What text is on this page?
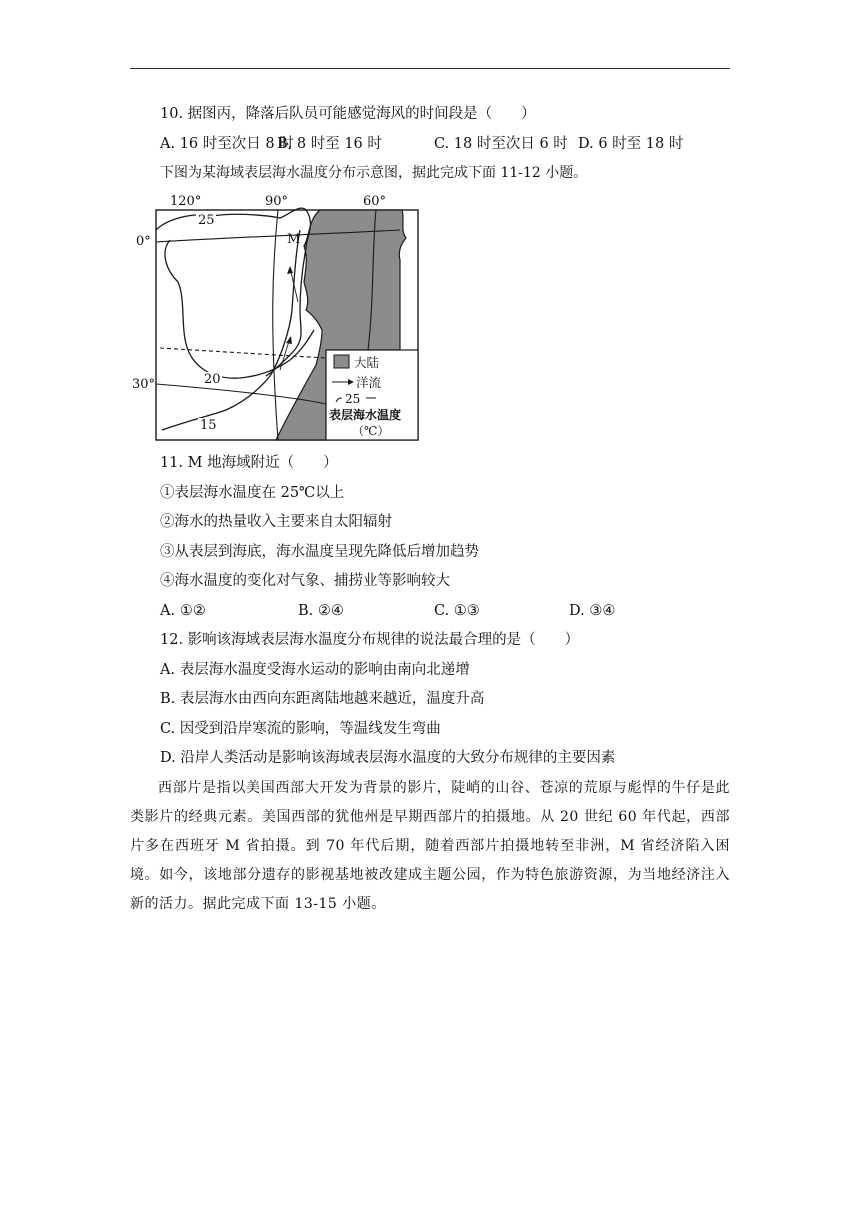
10. 据图丙，降落后队员可能感觉海风的时间段是（　　）
A. 16 时至次日 8 时
B. 8 时至 16 时	C. 18 时至次日 6 时 D. 6 时至 18 时
下图为某海域表层海水温度分布示意图，据此完成下面 11-12 小题。
M
120°	90°	60°
0°
30°
25
20
15
大陆
洋流
25
表层海水温度
（℃）
11. M 地海域附近（　　）
①表层海水温度在 25℃以上
②海水的热量收入主要来自太阳辐射
③从表层到海底，海水温度呈现先降低后增加趋势
④海水温度的变化对气象、捕捞业等影响较大
A. ①②	B. ②④	C. ①③	D. ③④
12. 影响该海域表层海水温度分布规律的说法最合理的是（　　）
A. 表层海水温度受海水运动的影响由南向北递增
B. 表层海水由西向东距离陆地越来越近，温度升高
C. 因受到沿岸寒流的影响，等温线发生弯曲
D. 沿岸人类活动是影响该海域表层海水温度的大致分布规律的主要因素

西部片是指以美国西部大开发为背景的影片，陡峭的山谷、苍凉的荒原与彪悍的牛仔是此类影片的经典元素。美国西部的犹他州是早期西部片的拍摄地。从 20 世纪 60 年代起，西部片多在西班牙 M 省拍摄。到 70 年代后期，随着西部片拍摄地转至非洲，M 省经济陷入困境。如今，该地部分遗存的影视基地被改建成主题公园，作为特色旅游资源，为当地经济注入新的活力。据此完成下面 13-15 小题。
